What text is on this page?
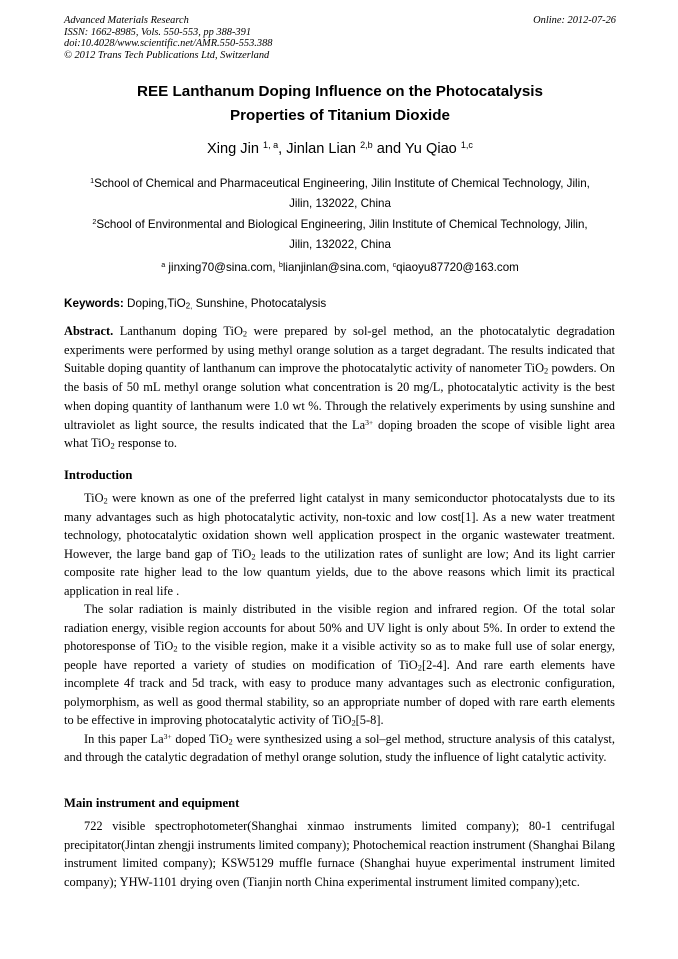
Advanced Materials Research
ISSN: 1662-8985, Vols. 550-553, pp 388-391
doi:10.4028/www.scientific.net/AMR.550-553.388
© 2012 Trans Tech Publications Ltd, Switzerland
Online: 2012-07-26
REE Lanthanum Doping Influence on the Photocatalysis
Properties of Titanium Dioxide
Xing Jin $^{1, a}$, Jinlan Lian $^{2,b}$ and Yu Qiao $^{1,c}$
$^1$School of Chemical and Pharmaceutical Engineering, Jilin Institute of Chemical Technology, Jilin,
Jilin, 132022, China
$^2$School of Environmental and Biological Engineering, Jilin Institute of Chemical Technology, Jilin,
Jilin, 132022, China
$^a$ jinxing70@sina.com, $^b$lianjinlan@sina.com, $^c$qiaoyu87720@163.com
Keywords: Doping,TiO$_{2,}$ Sunshine, Photocatalysis

Abstract. Lanthanum doping TiO$_2$ were prepared by sol-gel method, an the photocatalytic degradation experiments were performed by using methyl orange solution as a target degradant. The results indicated that Suitable doping quantity of lanthanum can improve the photocatalytic activity of nanometer TiO$_2$ powders. On the basis of 50 mL methyl orange solution what concentration is 20 mg/L, photocatalytic activity is the best when doping quantity of lanthanum were 1.0 wt %. Through the relatively experiments by using sunshine and ultraviolet as light source, the results indicated that the $La^{3+}$ doping broaden the scope of visible light area what TiO$_2$ response to.

Introduction

TiO$_2$ were known as one of the preferred light catalyst in many semiconductor photocatalysts due to its many advantages such as high photocatalytic activity, non-toxic and low cost[1]. As a new water treatment technology, photocatalytic oxidation shown well application prospect in the organic wastewater treatment. However, the large band gap of TiO$_2$ leads to the utilization rates of sunlight are low; And its light carrier composite rate higher lead to the low quantum yields, due to the above reasons which limit its practical application in real life .

The solar radiation is mainly distributed in the visible region and infrared region. Of the total solar radiation energy, visible region accounts for about 50% and UV light is only about 5%. In order to extend the photoresponse of TiO$_2$ to the visible region, make it a visible activity so as to make full use of solar energy, people have reported a variety of studies on modification of TiO$_2$[2-4]. And rare earth elements have incomplete 4f track and 5d track, with easy to produce many advantages such as electronic configuration, polymorphism, as well as good thermal stability, so an appropriate number of doped with rare earth elements to be effective in improving photocatalytic activity of TiO$_2$[5-8].

In this paper $La^{3+}$ doped TiO$_2$ were synthesized using a sol–gel method, structure analysis of this catalyst, and through the catalytic degradation of methyl orange solution, study the influence of light catalytic activity.

Main instrument and equipment

722 visible spectrophotometer(Shanghai xinmao instruments limited company); 80-1 centrifugal precipitator(Jintan zhengji instruments limited company); Photochemical reaction instrument (Shanghai Bilang instrument limited company); KSW5129 muffle furnace (Shanghai huyue experimental instrument limited company); YHW-1101 drying oven (Tianjin north China experimental instrument limited company);etc.
